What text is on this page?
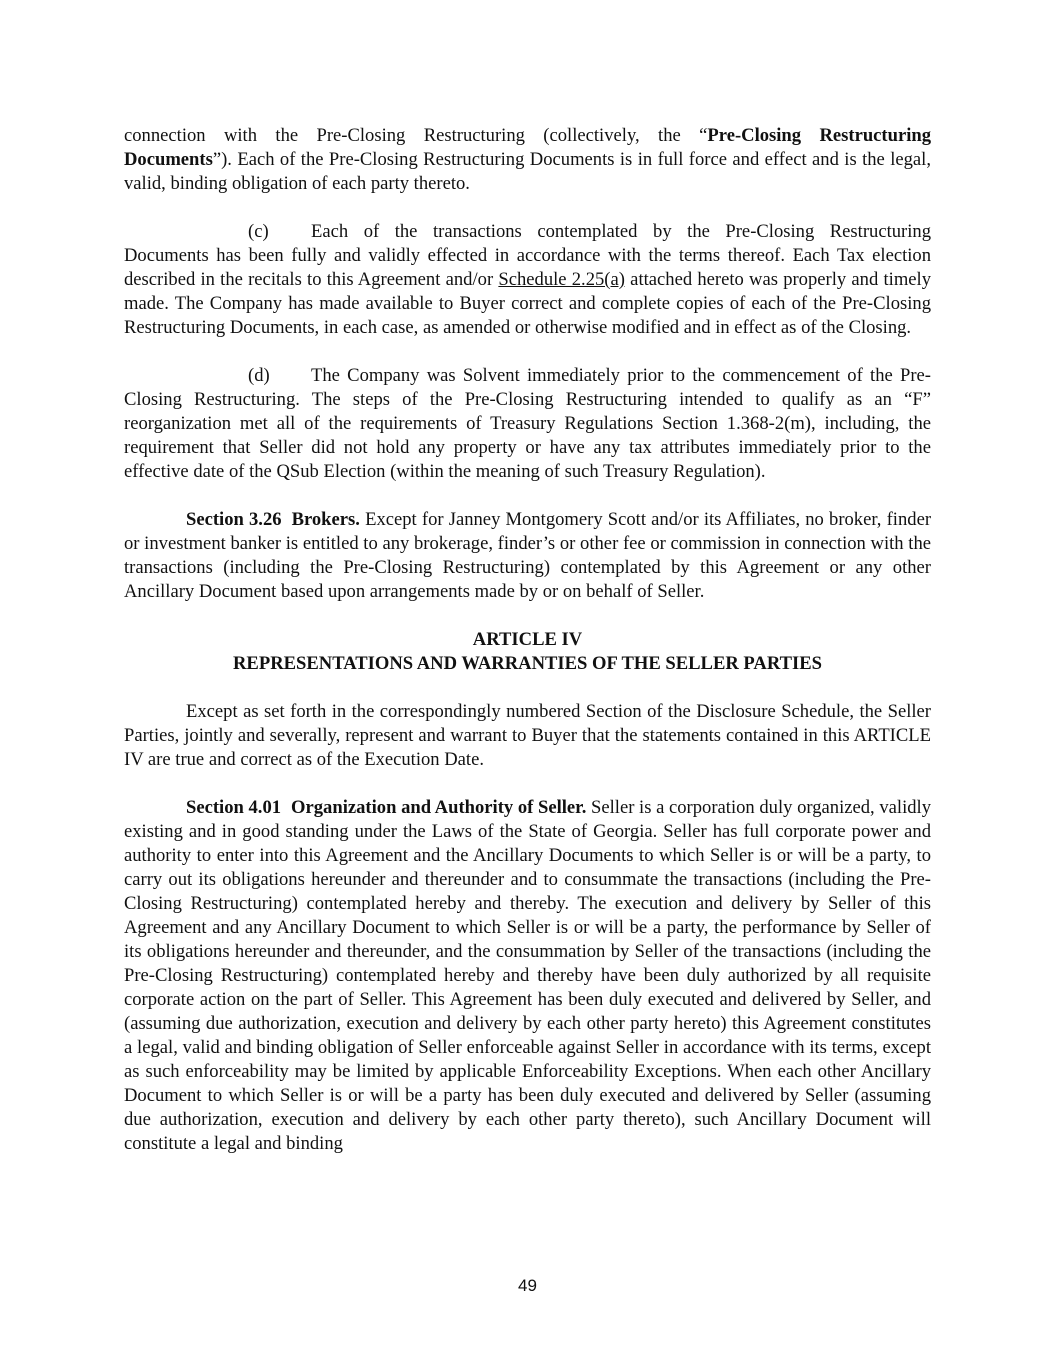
connection with the Pre-Closing Restructuring (collectively, the “Pre-Closing Restructuring Documents”). Each of the Pre-Closing Restructuring Documents is in full force and effect and is the legal, valid, binding obligation of each party thereto.

(c) Each of the transactions contemplated by the Pre-Closing Restructuring Documents has been fully and validly effected in accordance with the terms thereof. Each Tax election described in the recitals to this Agreement and/or Schedule 2.25(a) attached hereto was properly and timely made. The Company has made available to Buyer correct and complete copies of each of the Pre-Closing Restructuring Documents, in each case, as amended or otherwise modified and in effect as of the Closing.

(d) The Company was Solvent immediately prior to the commencement of the Pre-Closing Restructuring. The steps of the Pre-Closing Restructuring intended to qualify as an “F” reorganization met all of the requirements of Treasury Regulations Section 1.368-2(m), including, the requirement that Seller did not hold any property or have any tax attributes immediately prior to the effective date of the QSub Election (within the meaning of such Treasury Regulation).

Section 3.26 Brokers. Except for Janney Montgomery Scott and/or its Affiliates, no broker, finder or investment banker is entitled to any brokerage, finder’s or other fee or commission in connection with the transactions (including the Pre-Closing Restructuring) contemplated by this Agreement or any other Ancillary Document based upon arrangements made by or on behalf of Seller.

ARTICLE IV
REPRESENTATIONS AND WARRANTIES OF THE SELLER PARTIES

Except as set forth in the correspondingly numbered Section of the Disclosure Schedule, the Seller Parties, jointly and severally, represent and warrant to Buyer that the statements contained in this ARTICLE IV are true and correct as of the Execution Date.

Section 4.01 Organization and Authority of Seller. Seller is a corporation duly organized, validly existing and in good standing under the Laws of the State of Georgia. Seller has full corporate power and authority to enter into this Agreement and the Ancillary Documents to which Seller is or will be a party, to carry out its obligations hereunder and thereunder and to consummate the transactions (including the Pre-Closing Restructuring) contemplated hereby and thereby. The execution and delivery by Seller of this Agreement and any Ancillary Document to which Seller is or will be a party, the performance by Seller of its obligations hereunder and thereunder, and the consummation by Seller of the transactions (including the Pre-Closing Restructuring) contemplated hereby and thereby have been duly authorized by all requisite corporate action on the part of Seller. This Agreement has been duly executed and delivered by Seller, and (assuming due authorization, execution and delivery by each other party hereto) this Agreement constitutes a legal, valid and binding obligation of Seller enforceable against Seller in accordance with its terms, except as such enforceability may be limited by applicable Enforceability Exceptions. When each other Ancillary Document to which Seller is or will be a party has been duly executed and delivered by Seller (assuming due authorization, execution and delivery by each other party thereto), such Ancillary Document will constitute a legal and binding

49
